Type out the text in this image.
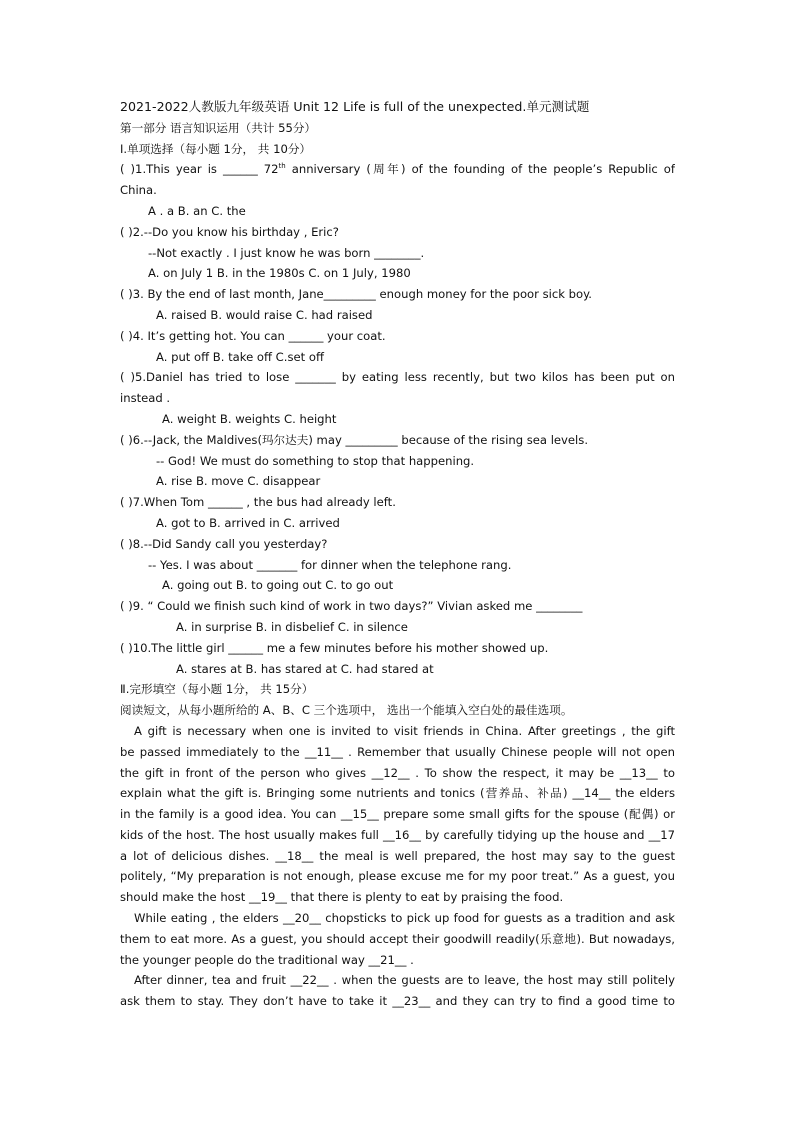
2021-2022人教版九年级英语 Unit 12 Life is full of the unexpected.单元测试题
第一部分 语言知识运用（共计 55分）
Ⅰ.单项选择（每小题 1分， 共 10分）
( )1.This year is ______ 72th anniversary (周年) of the founding of the people’s Republic of
China.
A . a B. an C. the
( )2.--Do you know his birthday , Eric?
--Not exactly . I just know he was born ________.
A. on July 1 B. in the 1980s C. on 1 July, 1980
( )3. By the end of last month, Jane_________ enough money for the poor sick boy.
A. raised B. would raise C. had raised
( )4. It’s getting hot. You can ______ your coat.
A. put off B. take off C.set off
( )5.Daniel has tried to lose _______ by eating less recently, but two kilos has been put on
instead .
A. weight B. weights C. height
( )6.--Jack, the Maldives(玛尔达夫) may _________ because of the rising sea levels.
-- God! We must do something to stop that happening.
A. rise B. move C. disappear
( )7.When Tom ______ , the bus had already left.
A. got to B. arrived in C. arrived
( )8.--Did Sandy call you yesterday?
-- Yes. I was about _______ for dinner when the telephone rang.
A. going out B. to going out C. to go out
( )9. “ Could we finish such kind of work in two days?” Vivian asked me ________
A. in surprise B. in disbelief C. in silence
( )10.The little girl ______ me a few minutes before his mother showed up.
A. stares at B. has stared at C. had stared at
Ⅱ.完形填空（每小题 1分， 共 15分）
阅读短文，从每小题所给的 A、B、C 三个选项中， 选出一个能填入空白处的最佳选项。
A gift is necessary when one is invited to visit friends in China. After greetings , the gift
be passed immediately to the __11__ . Remember that usually Chinese people will not open
the gift in front of the person who gives __12__ . To show the respect, it may be __13__ to
explain what the gift is. Bringing some nutrients and tonics (营养品、补品) __14__ the elders
in the family is a good idea. You can __15__ prepare some small gifts for the spouse (配偶) or
kids of the host. The host usually makes full __16__ by carefully tidying up the house and __17
a lot of delicious dishes. __18__ the meal is well prepared, the host may say to the guest
politely, “My preparation is not enough, please excuse me for my poor treat.” As a guest, you
should make the host __19__ that there is plenty to eat by praising the food.
While eating , the elders __20__ chopsticks to pick up food for guests as a tradition and ask
them to eat more. As a guest, you should accept their goodwill readily(乐意地). But nowadays,
the younger people do the traditional way __21__ .
After dinner, tea and fruit __22__ . when the guests are to leave, the host may still politely
ask them to stay. They don’t have to take it __23__ and they can try to find a good time to
